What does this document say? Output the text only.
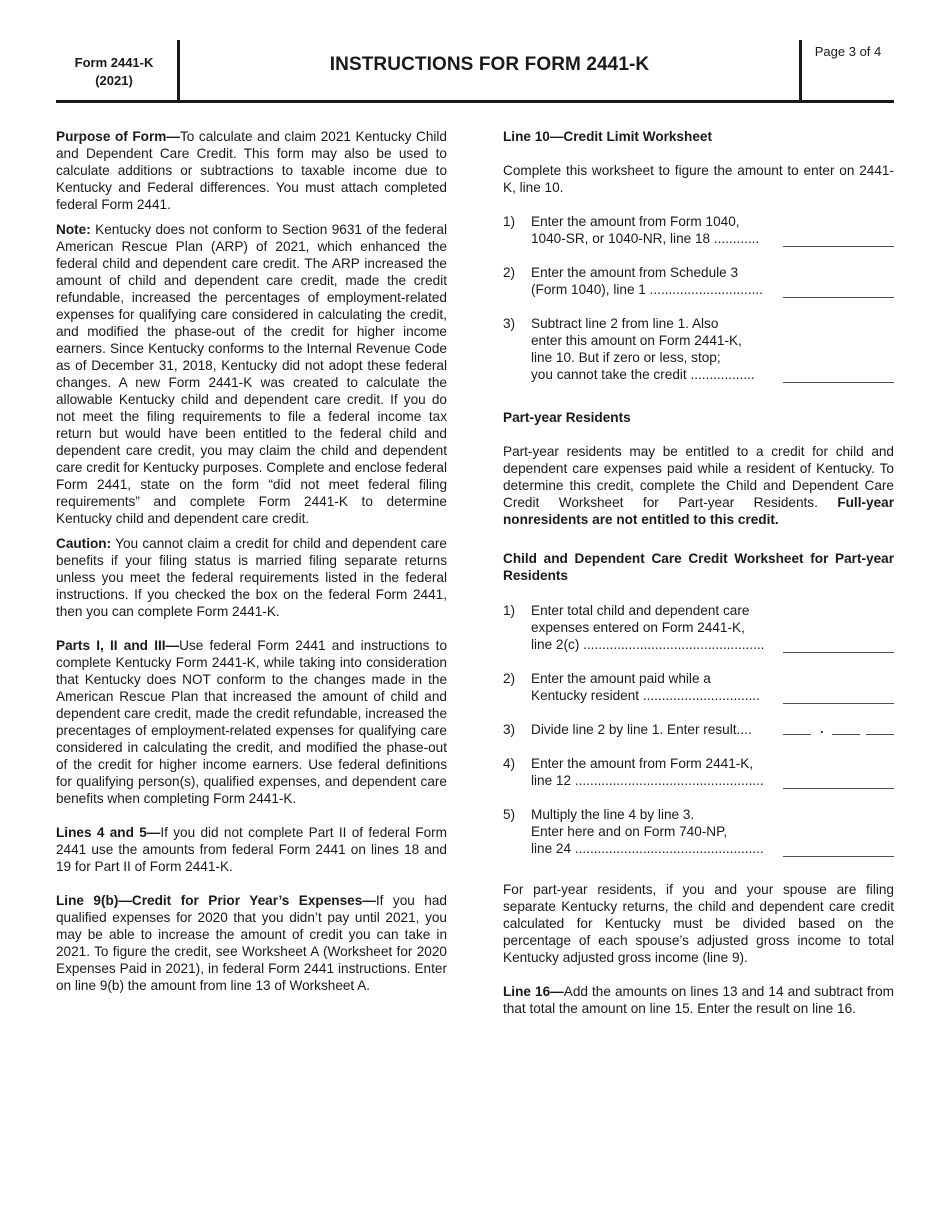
Form 2441-K
(2021)
INSTRUCTIONS FOR FORM 2441-K
Page 3 of 4

Purpose of Form—To calculate and claim 2021 Kentucky Child and Dependent Care Credit. This form may also be used to calculate additions or subtractions to taxable income due to Kentucky and Federal differences. You must attach completed federal Form 2441.

Note: Kentucky does not conform to Section 9631 of the federal American Rescue Plan (ARP) of 2021, which enhanced the federal child and dependent care credit. The ARP increased the amount of child and dependent care credit, made the credit refundable, increased the percentages of employment-related expenses for qualifying care considered in calculating the credit, and modified the phase-out of the credit for higher income earners. Since Kentucky conforms to the Internal Revenue Code as of December 31, 2018, Kentucky did not adopt these federal changes. A new Form 2441-K was created to calculate the allowable Kentucky child and dependent care credit. If you do not meet the filing requirements to file a federal income tax return but would have been entitled to the federal child and dependent care credit, you may claim the child and dependent care credit for Kentucky purposes. Complete and enclose federal Form 2441, state on the form “did not meet federal filing requirements” and complete Form 2441-K to determine Kentucky child and dependent care credit.

Caution: You cannot claim a credit for child and dependent care benefits if your filing status is married filing separate returns unless you meet the federal requirements listed in the federal instructions. If you checked the box on the federal Form 2441, then you can complete Form 2441-K.

Parts I, II and III—Use federal Form 2441 and instructions to complete Kentucky Form 2441-K, while taking into consideration that Kentucky does NOT conform to the changes made in the American Rescue Plan that increased the amount of child and dependent care credit, made the credit refundable, increased the precentages of employment-related expenses for qualifying care considered in calculating the credit, and modified the phase-out of the credit for higher income earners. Use federal definitions for qualifying person(s), qualified expenses, and dependent care benefits when completing Form 2441-K.

Lines 4 and 5—If you did not complete Part II of federal Form 2441 use the amounts from federal Form 2441 on lines 18 and 19 for Part II of Form 2441-K.

Line 9(b)—Credit for Prior Year’s Expenses—If you had qualified expenses for 2020 that you didn’t pay until 2021, you may be able to increase the amount of credit you can take in 2021. To figure the credit, see Worksheet A (Worksheet for 2020 Expenses Paid in 2021), in federal Form 2441 instructions. Enter on line 9(b) the amount from line 13 of Worksheet A.

Line 10—Credit Limit Worksheet

Complete this worksheet to figure the amount to enter on 2441-K, line 10.

1)	Enter the amount from Form 1040,
1040-SR, or 1040-NR, line 18 ............
2)	Enter the amount from Schedule 3
(Form 1040), line 1 ..............................
3)	Subtract line 2 from line 1. Also
enter this amount on Form 2441-K,
line 10. But if zero or less, stop;
you cannot take the credit .................

Part-year Residents

Part-year residents may be entitled to a credit for child and dependent care expenses paid while a resident of Kentucky. To determine this credit, complete the Child and Dependent Care Credit Worksheet for Part-year Residents. Full-year nonresidents are not entitled to this credit.

Child and Dependent Care Credit Worksheet for Part-year Residents

1)	Enter total child and dependent care
expenses entered on Form 2441-K,
line 2(c) ................................................
2)	Enter the amount paid while a
Kentucky resident ...............................
3)	Divide line 2 by line 1. Enter result....	.
4)	Enter the amount from Form 2441-K,
line 12 ..................................................
5)	Multiply the line 4 by line 3.
Enter here and on Form 740-NP,
line 24 ..................................................

For part-year residents, if you and your spouse are filing separate Kentucky returns, the child and dependent care credit calculated for Kentucky must be divided based on the percentage of each spouse’s adjusted gross income to total Kentucky adjusted gross income (line 9).

Line 16—Add the amounts on lines 13 and 14 and subtract from that total the amount on line 15. Enter the result on line 16.
